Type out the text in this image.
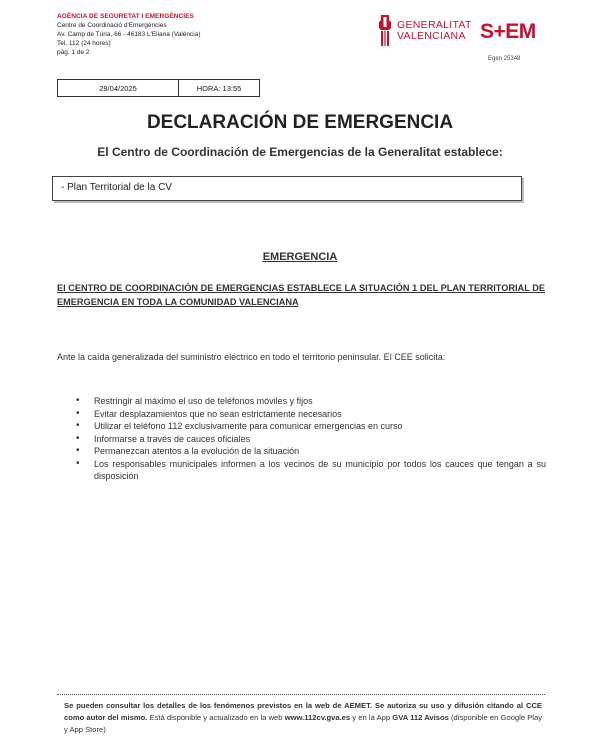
AGÈNCIA DE SEGURETAT I EMERGÈNCIES
Centre de Coordinació d'Emergències
Av. Camp de Túria, 66 - 46183 L'Eliana (València)
Tel. 112 (24 hores)
pàg. 1 de 2
GENERALITAT
VALENCIANA S+EM
Egen 25348
28/04/2025	HORA: 13:55
DECLARACIÓN DE EMERGENCIA
El Centro de Coordinación de Emergencias de la Generalitat establece:
- Plan Territorial de la CV
EMERGENCIA
El CENTRO DE COORDINACIÓN DE EMERGENCIAS ESTABLECE LA SITUACIÓN 1 DEL PLAN TERRITORIAL DE EMERGENCIA EN TODA LA COMUNIDAD VALENCIANA
Ante la caída generalizada del suministro eléctrico en todo el territorio peninsular. El CEE solicita:
• Restringir al máximo el uso de teléfonos móviles y fijos
• Evitar desplazamientos que no sean estrictamente necesarios
• Utilizar el teléfono 112 exclusivamente para comunicar emergencias en curso
• Informarse a través de cauces oficiales
• Permanezcan atentos a la evolución de la situación
• Los responsables municipales informen a los vecinos de su municipio por todos los cauces que tengan a su disposición
Se pueden consultar los detalles de los fenómenos previstos en la web de AEMET. Se autoriza su uso y difusión citando al CCE como autor del mismo. Está disponible y actualizado en la web www.112cv.gva.es y en la App GVA 112 Avisos (disponible en Google Play y App Store)
